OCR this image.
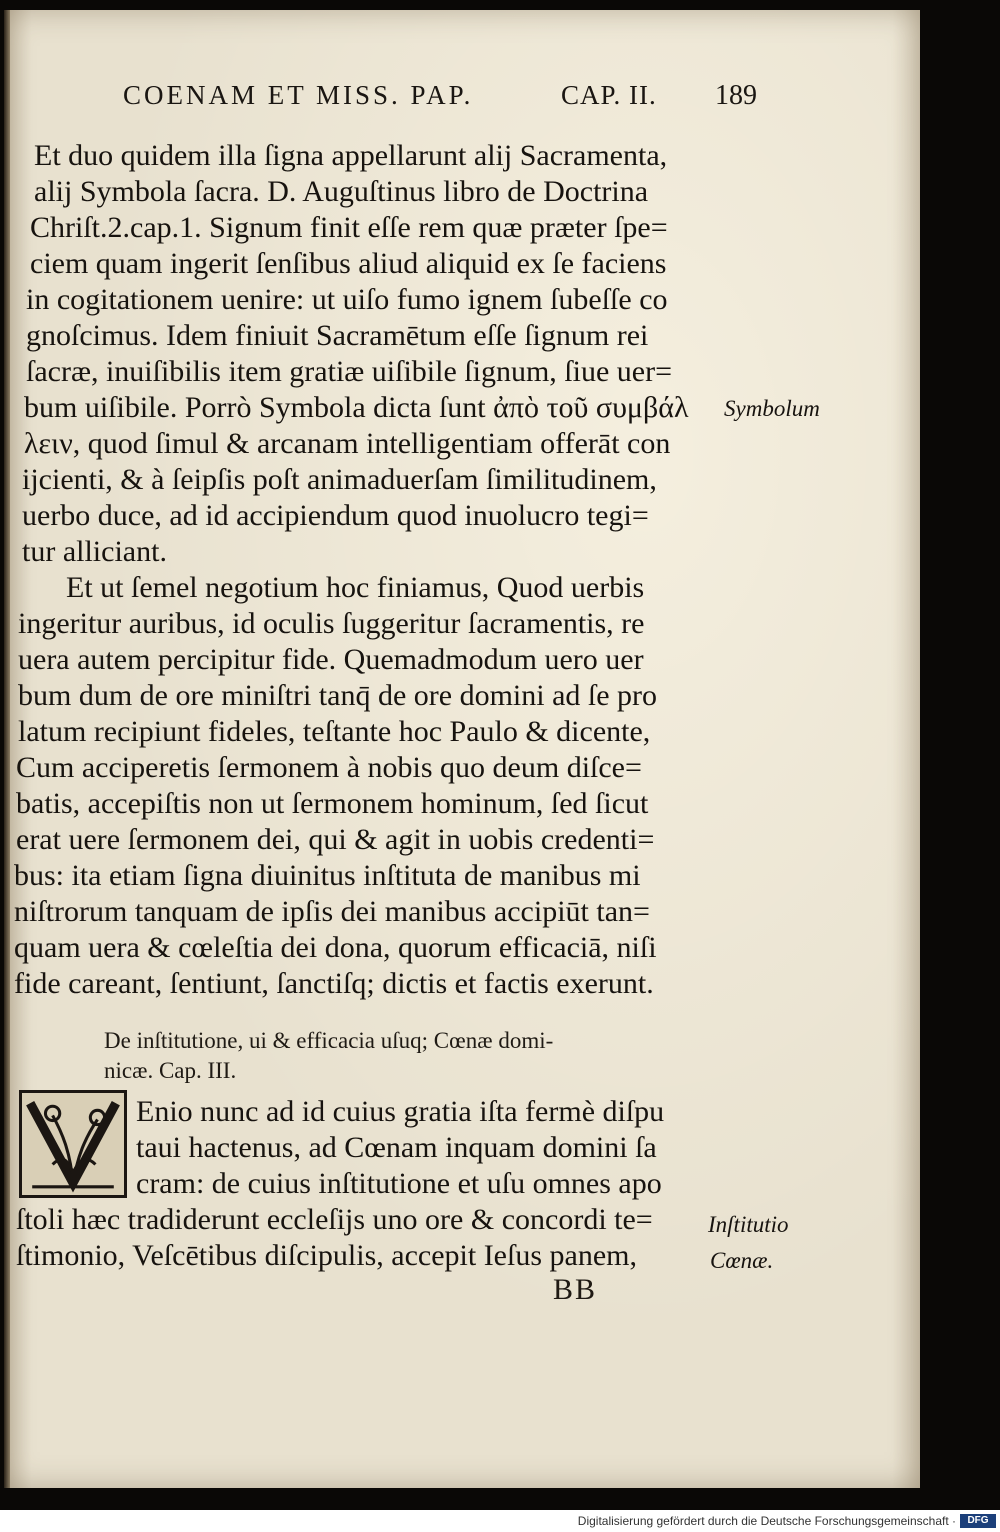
COENAM ET MISS. PAP.	CAP. II. 189
Et duo quidem illa ſigna appellarunt alij Sacramenta,
alij Symbola ſacra. D. Auguſtinus libro de Doctrina
Chriſt.2.cap.1. Signum finit eſſe rem quæ præter ſpe=
ciem quam ingerit ſenſibus aliud aliquid ex ſe faciens
in cogitationem uenire: ut uiſo fumo ignem ſubeſſe co
gnoſcimus. Idem finiuit Sacramētum eſſe ſignum rei
ſacræ, inuiſibilis item gratiæ uiſibile ſignum, ſiue uer=
bum uiſibile. Porrò Symbola dicta ſunt ἀπὸ τοῦ συμβάλ Symbolum
λειν, quod ſimul & arcanam intelligentiam offerāt con
ijcienti, & à ſeipſis poſt animaduerſam ſimilitudinem,
uerbo duce, ad id accipiendum quod inuolucro tegi=
tur alliciant.
Et ut ſemel negotium hoc finiamus, Quod uerbis
ingeritur auribus, id oculis ſuggeritur ſacramentis, re
uera autem percipitur fide. Quemadmodum uero uer
bum dum de ore miniſtri tanq̄ de ore domini ad ſe pro
latum recipiunt fideles, teſtante hoc Paulo & dicente,
Cum acciperetis ſermonem à nobis quo deum diſce=
batis, accepiſtis non ut ſermonem hominum, ſed ſicut
erat uere ſermonem dei, qui & agit in uobis credenti=
bus: ita etiam ſigna diuinitus inſtituta de manibus mi
niſtrorum tanquam de ipſis dei manibus accipiūt tan=
quam uera & cœleſtia dei dona, quorum efficaciā, niſi
fide careant, ſentiunt, ſanctiſq; dictis et factis exerunt.
De inſtitutione, ui & efficacia uſuq; Cœnæ domi-
nicæ. Cap. III.
Enio nunc ad id cuius gratia iſta fermè diſpu
taui hactenus, ad Cœnam inquam domini ſa
cram: de cuius inſtitutione et uſu omnes apo
ſtoli hæc tradiderunt eccleſijs uno ore & concordi te= Inſtitutio
ſtimonio, Veſcētibus diſcipulis, accepit Ieſus panem,	Cœnæ.
BB
Digitalisierung gefördert durch die Deutsche Forschungsgemeinschaft ·	DFG
